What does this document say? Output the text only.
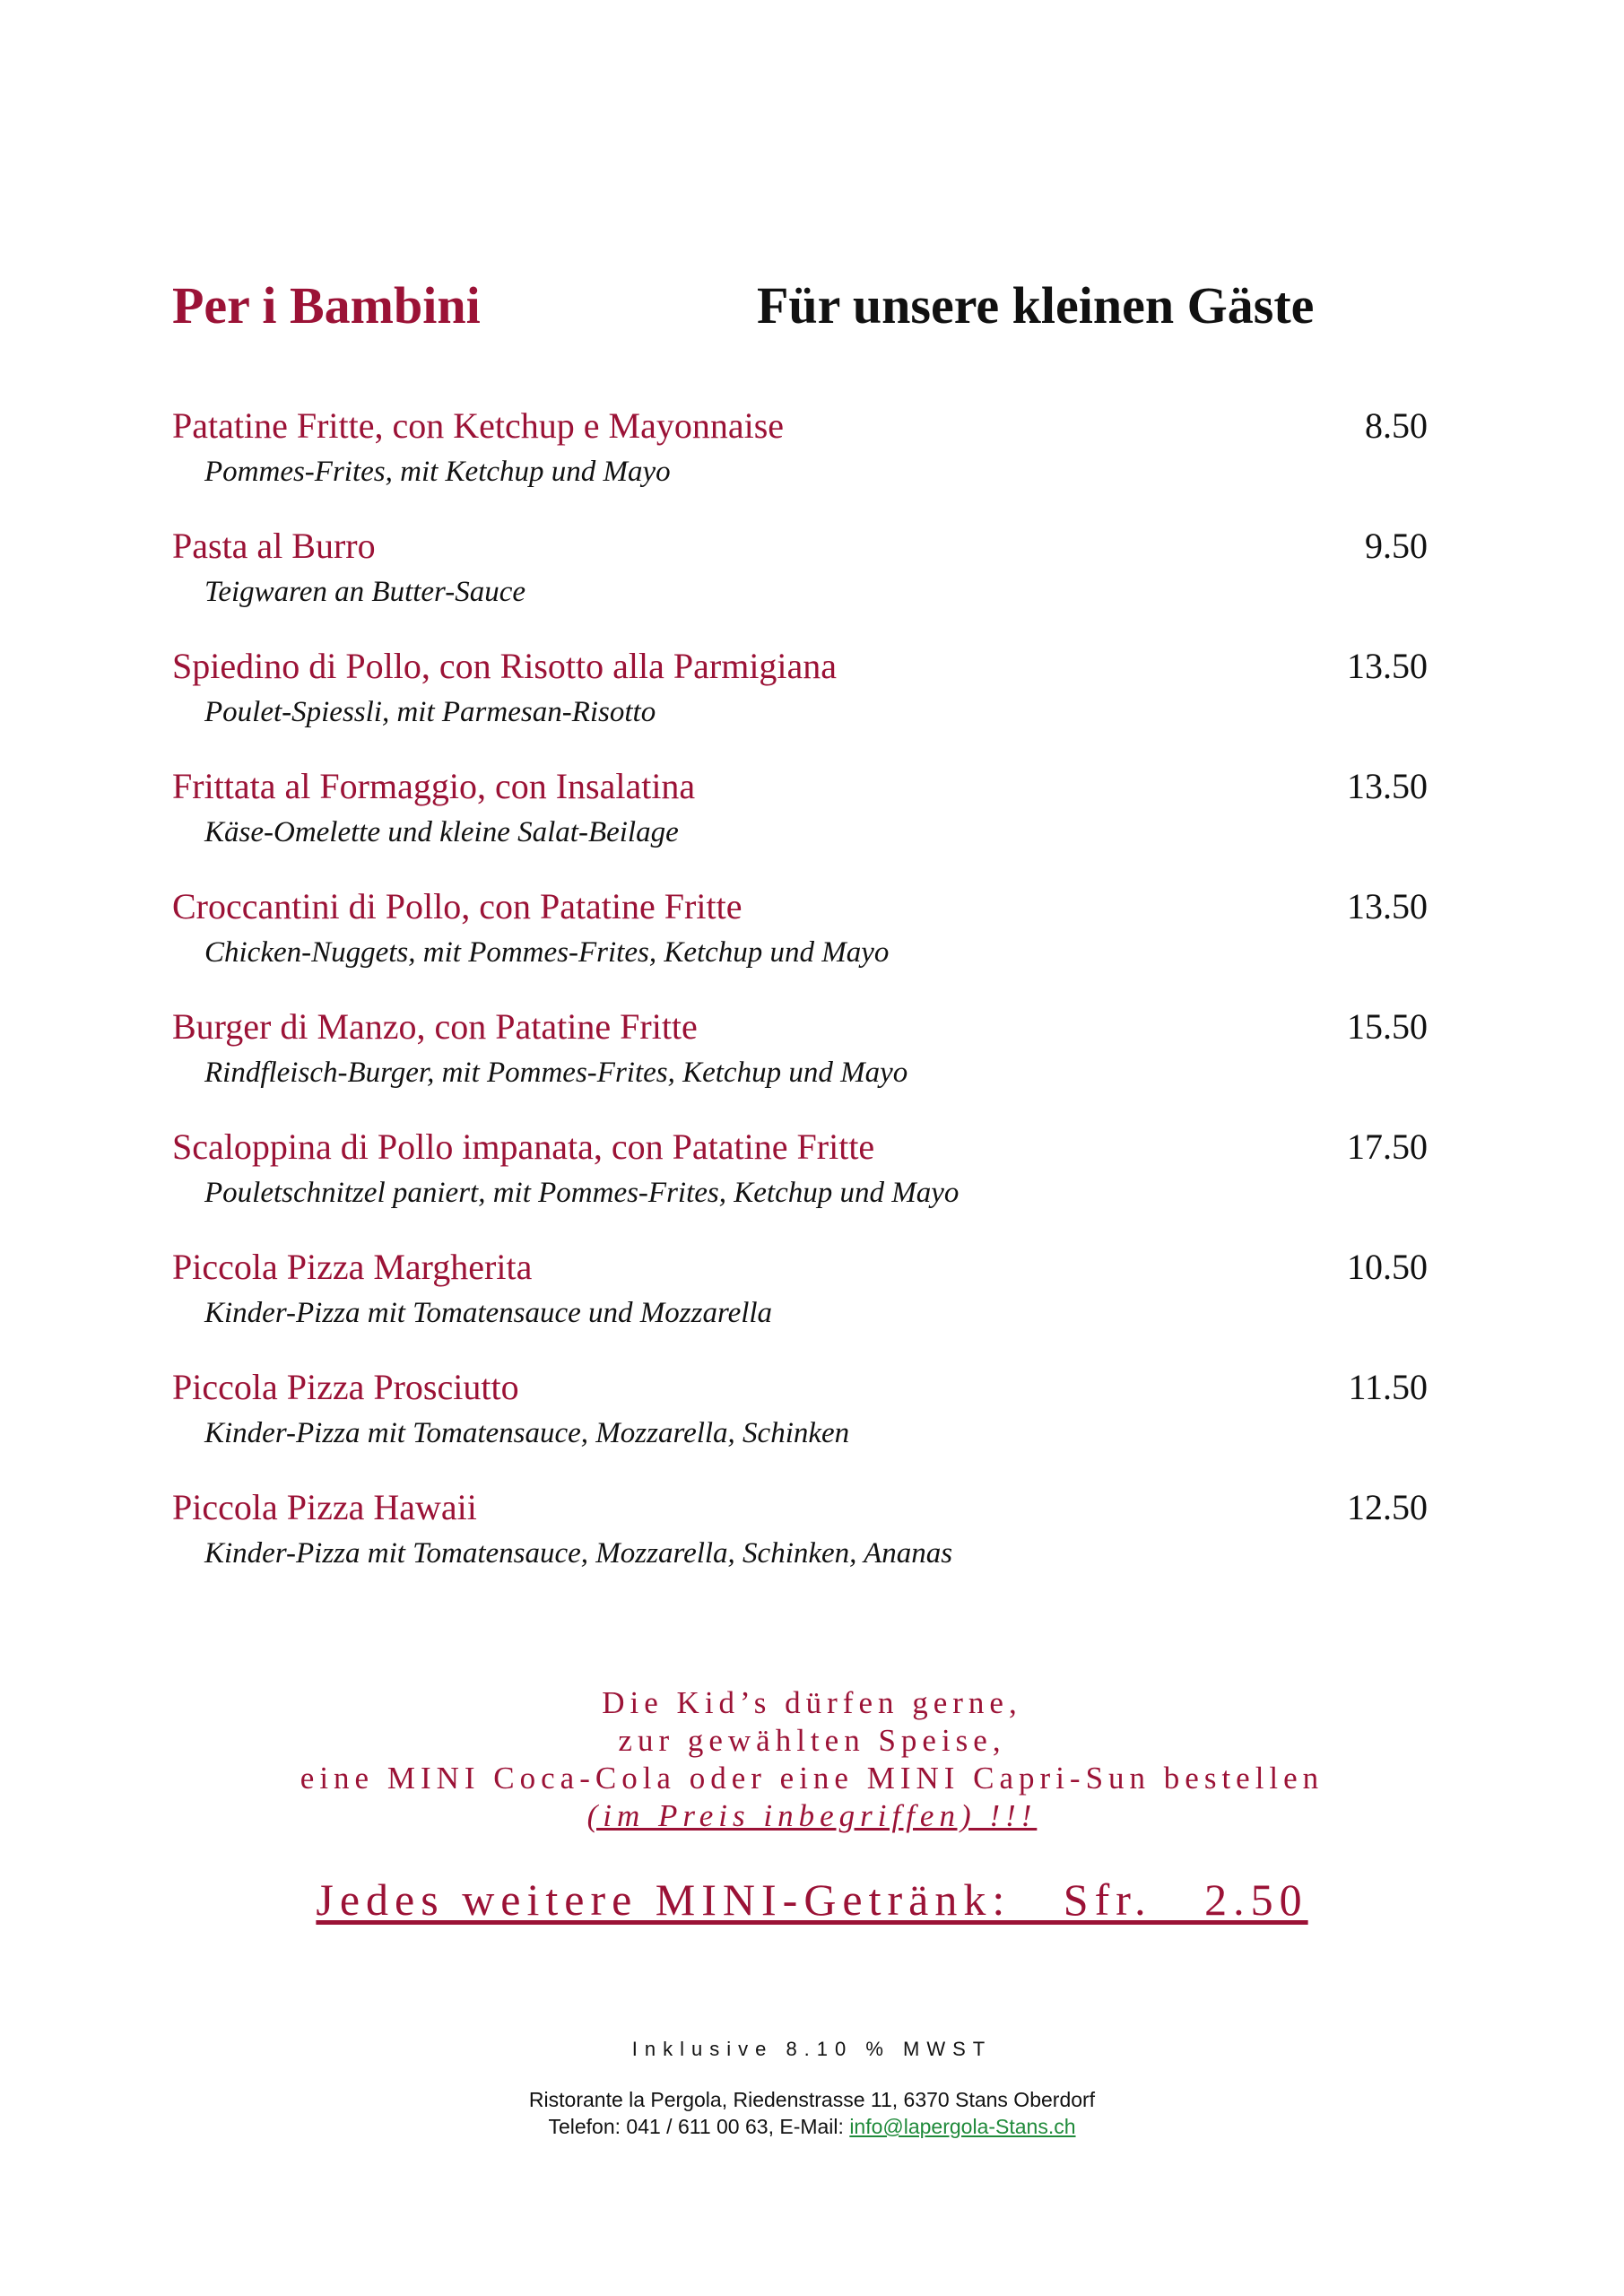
Per i Bambini	Für unsere kleinen Gäste
Patatine Fritte, con Ketchup e Mayonnaise
Pommes-Frites, mit Ketchup und Mayo
8.50
Pasta al Burro
Teigwaren an Butter-Sauce
9.50
Spiedino di Pollo, con Risotto alla Parmigiana
Poulet-Spiessli, mit Parmesan-Risotto
13.50
Frittata al Formaggio, con Insalatina
Käse-Omelette und kleine Salat-Beilage
13.50
Croccantini di Pollo, con Patatine Fritte
Chicken-Nuggets, mit Pommes-Frites, Ketchup und Mayo
13.50
Burger di Manzo, con Patatine Fritte
Rindfleisch-Burger, mit Pommes-Frites, Ketchup und Mayo
15.50
Scaloppina di Pollo impanata, con Patatine Fritte
Pouletschnitzel paniert, mit Pommes-Frites, Ketchup und Mayo
17.50
Piccola Pizza Margherita
Kinder-Pizza mit Tomatensauce und Mozzarella
10.50
Piccola Pizza Prosciutto
Kinder-Pizza mit Tomatensauce, Mozzarella, Schinken
11.50
Piccola Pizza Hawaii
Kinder-Pizza mit Tomatensauce, Mozzarella, Schinken, Ananas
12.50
Die Kid’s dürfen gerne,
zur gewählten Speise,
eine MINI Coca-Cola oder eine MINI Capri-Sun bestellen
(im Preis inbegriffen) !!!
Jedes weitere MINI-Getränk:   Sfr.   2.50
Inklusive 8.10 % MWST
Ristorante la Pergola, Riedenstrasse 11, 6370 Stans Oberdorf
Telefon: 041 / 611 00 63, E-Mail: info@lapergola-Stans.ch
